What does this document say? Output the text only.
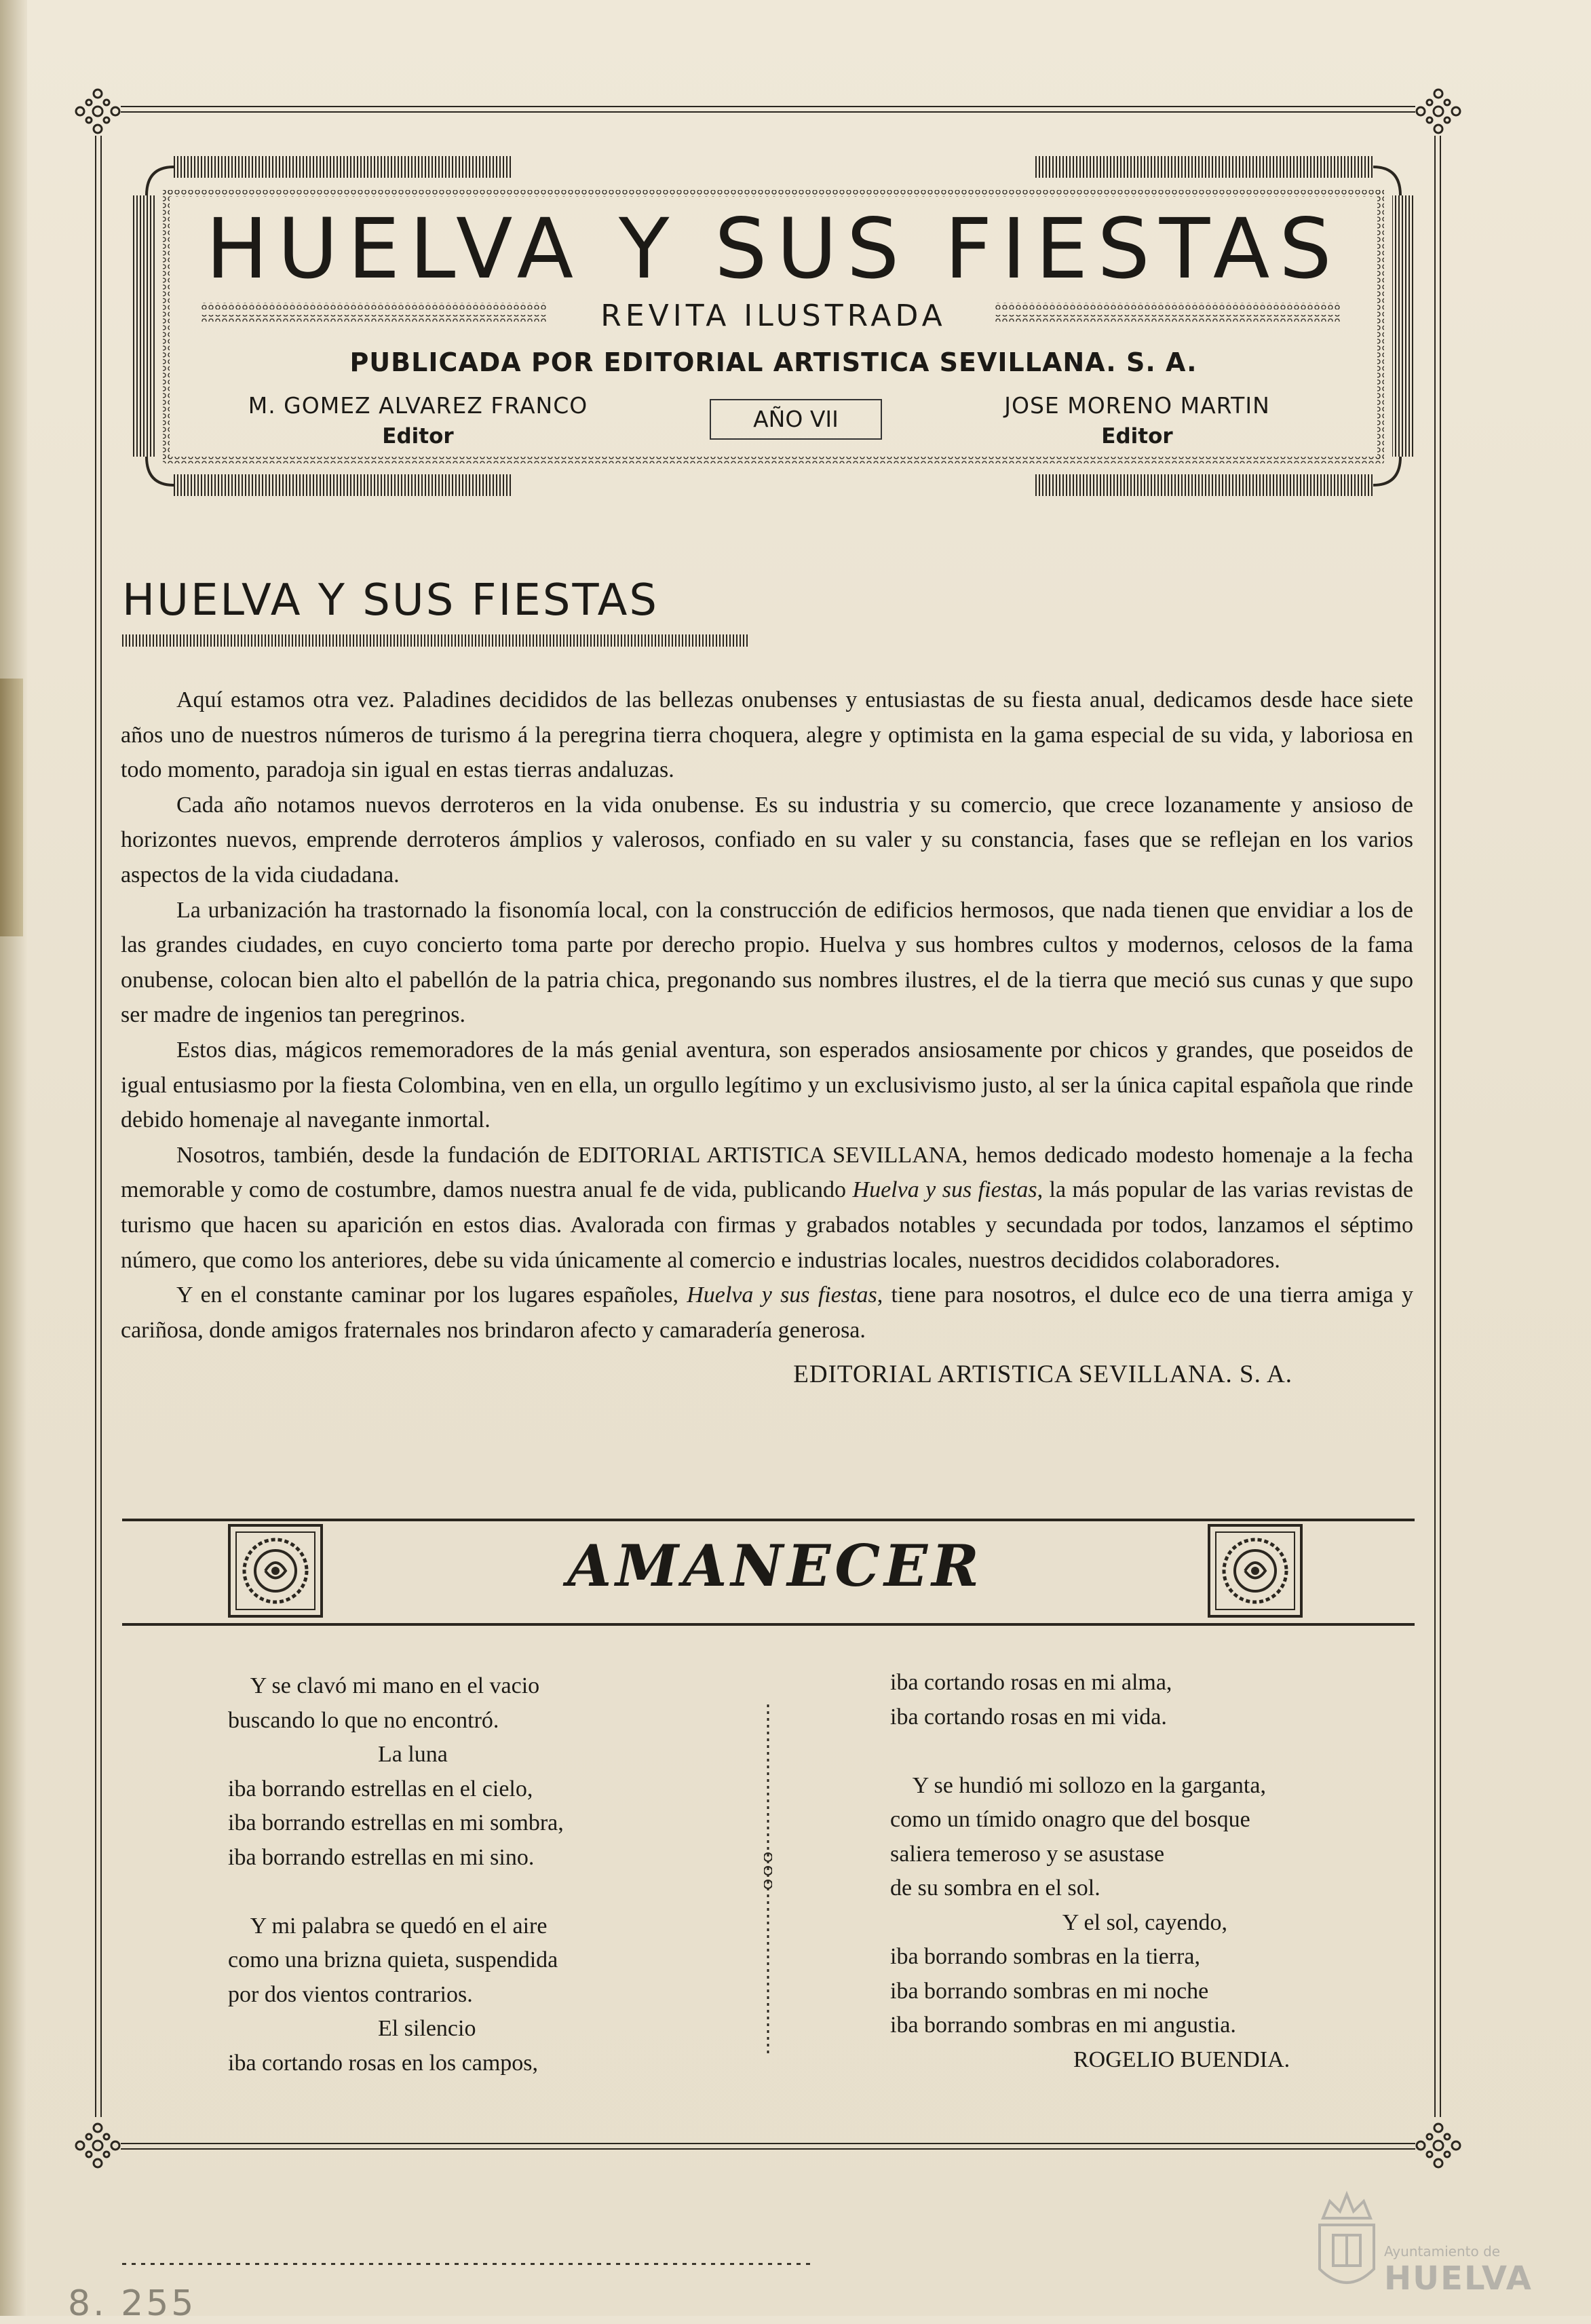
HUELVA Y SUS FIESTAS
REVITA ILUSTRADA
PUBLICADA POR EDITORIAL ARTISTICA SEVILLANA. S. A.
M. GOMEZ ALVAREZ FRANCO
Editor
AÑO VII
JOSE MORENO MARTIN
Editor
HUELVA Y SUS FIESTAS

Aquí estamos otra vez. Paladines decididos de las bellezas onubenses y entusiastas de su fiesta anual, dedicamos desde hace siete años uno de nuestros números de turismo á la peregrina tierra choquera, alegre y optimista en la gama especial de su vida, y laboriosa en todo momento, paradoja sin igual en estas tierras andaluzas.

Cada año notamos nuevos derroteros en la vida onubense. Es su industria y su comercio, que crece lozanamente y ansioso de horizontes nuevos, emprende derroteros ámplios y valerosos, confiado en su valer y su constancia, fases que se reflejan en los varios aspectos de la vida ciudadana.

La urbanización ha trastornado la fisonomía local, con la construcción de edificios hermosos, que nada tienen que envidiar a los de las grandes ciudades, en cuyo concierto toma parte por derecho propio. Huelva y sus hombres cultos y modernos, celosos de la fama onubense, colocan bien alto el pabellón de la patria chica, pregonando sus nombres ilustres, el de la tierra que meció sus cunas y que supo ser madre de ingenios tan peregrinos.

Estos dias, mágicos rememoradores de la más genial aventura, son esperados ansiosamente por chicos y grandes, que poseidos de igual entusiasmo por la fiesta Colombina, ven en ella, un orgullo legítimo y un exclusivismo justo, al ser la única capital española que rinde debido homenaje al navegante inmortal.

Nosotros, también, desde la fundación de EDITORIAL ARTISTICA SEVILLANA, hemos dedicado modesto homenaje a la fecha memorable y como de costumbre, damos nuestra anual fe de vida, publicando Huelva y sus fiestas, la más popular de las varias revistas de turismo que hacen su aparición en estos dias. Avalorada con firmas y grabados notables y secundada por todos, lanzamos el séptimo número, que como los anteriores, debe su vida únicamente al comercio e industrias locales, nuestros decididos colaboradores.

Y en el constante caminar por los lugares españoles, Huelva y sus fiestas, tiene para nosotros, el dulce eco de una tierra amiga y cariñosa, donde amigos fraternales nos brindaron afecto y camaradería generosa.

EDITORIAL ARTISTICA SEVILLANA. S. A.

AMANECER
Y se clavó mi mano en el vacio
buscando lo que no encontró.
La luna
iba borrando estrellas en el cielo,
iba borrando estrellas en mi sombra,
iba borrando estrellas en mi sino.

Y mi palabra se quedó en el aire
como una brizna quieta, suspendida
por dos vientos contrarios.
El silencio
iba cortando rosas en los campos,
iba cortando rosas en mi alma,
iba cortando rosas en mi vida.

Y se hundió mi sollozo en la garganta,
como un tímido onagro que del bosque
saliera temeroso y se asustase
de su sombra en el sol.
Y el sol, cayendo,
iba borrando sombras en la tierra,
iba borrando sombras en mi noche
iba borrando sombras en mi angustia.
ROGELIO BUENDIA.
8. 255
Ayuntamiento de
HUELVA
